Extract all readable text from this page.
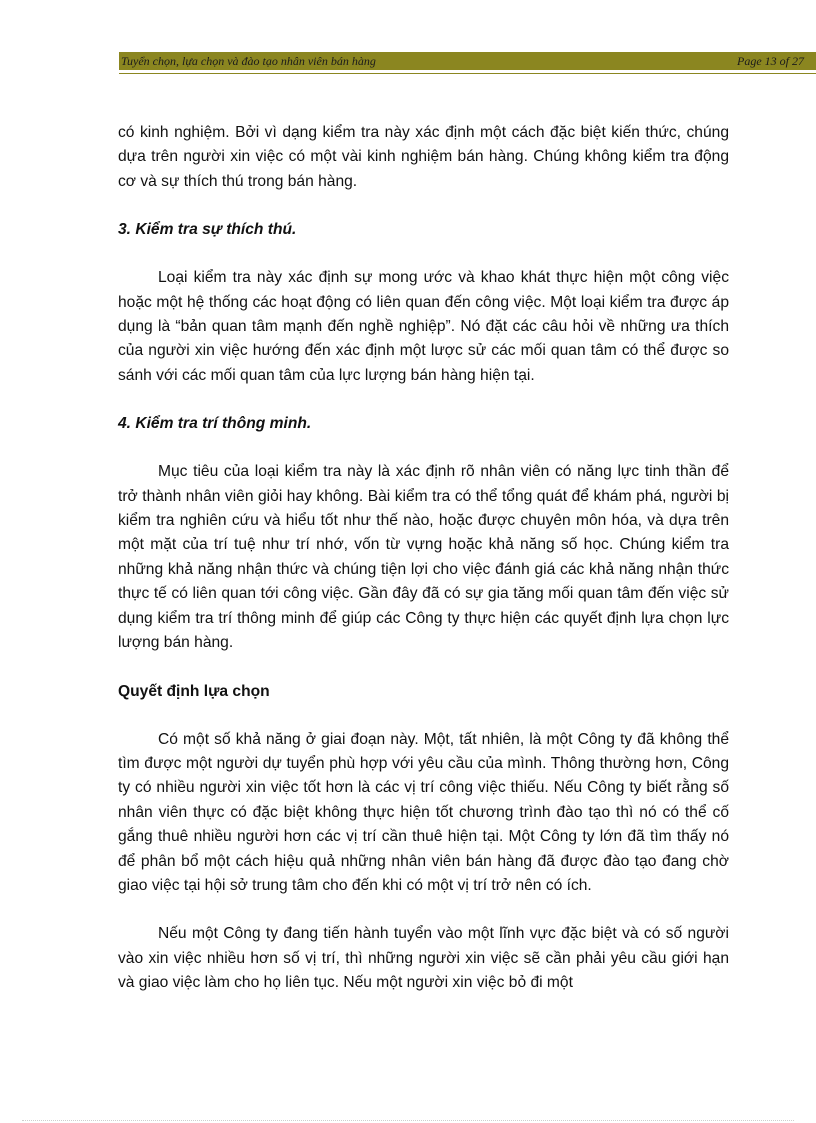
Tuyển chọn, lựa chọn và đào tạo nhân viên bán hàng	Page 13 of 27

có kinh nghiệm. Bởi vì dạng kiểm tra này xác định một cách đặc biệt kiến thức, chúng dựa trên người xin việc có một vài kinh nghiệm bán hàng. Chúng không kiểm tra động cơ và sự thích thú trong bán hàng.

3. Kiểm tra sự thích thú.

Loại kiểm tra này xác định sự mong ước và khao khát thực hiện một công việc hoặc một hệ thống các hoạt động có liên quan đến công việc. Một loại kiểm tra được áp dụng là “bản quan tâm mạnh đến nghề nghiệp”. Nó đặt các câu hỏi về những ưa thích của người xin việc hướng đến xác định một lược sử các mối quan tâm có thể được so sánh với các mối quan tâm của lực lượng bán hàng hiện tại.

4. Kiểm tra trí thông minh.

Mục tiêu của loại kiểm tra này là xác định rõ nhân viên có năng lực tinh thần để trở thành nhân viên giỏi hay không. Bài kiểm tra có thể tổng quát để khám phá, người bị kiểm tra nghiên cứu và hiểu tốt như thế nào, hoặc được chuyên môn hóa, và dựa trên một mặt của trí tuệ như trí nhớ, vốn từ vựng hoặc khả năng số học. Chúng kiểm tra những khả năng nhận thức và chúng tiện lợi cho việc đánh giá các khả năng nhận thức thực tế có liên quan tới công việc. Gần đây đã có sự gia tăng mối quan tâm đến việc sử dụng kiểm tra trí thông minh để giúp các Công ty thực hiện các quyết định lựa chọn lực lượng bán hàng.

Quyết định lựa chọn

Có một số khả năng ở giai đoạn này. Một, tất nhiên, là một Công ty đã không thể tìm được một người dự tuyển phù hợp với yêu cầu của mình. Thông thường hơn, Công ty có nhiều người xin việc tốt hơn là các vị trí công việc thiếu. Nếu Công ty biết rằng số nhân viên thực có đặc biệt không thực hiện tốt chương trình đào tạo thì nó có thể cố gắng thuê nhiều người hơn các vị trí cần thuê hiện tại. Một Công ty lớn đã tìm thấy nó để phân bổ một cách hiệu quả những nhân viên bán hàng đã được đào tạo đang chờ giao việc tại hội sở trung tâm cho đến khi có một vị trí trở nên có ích.

Nếu một Công ty đang tiến hành tuyển vào một lĩnh vực đặc biệt và có số người vào xin việc nhiều hơn số vị trí, thì những người xin việc sẽ cần phải yêu cầu giới hạn và giao việc làm cho họ liên tục. Nếu một người xin việc bỏ đi một
